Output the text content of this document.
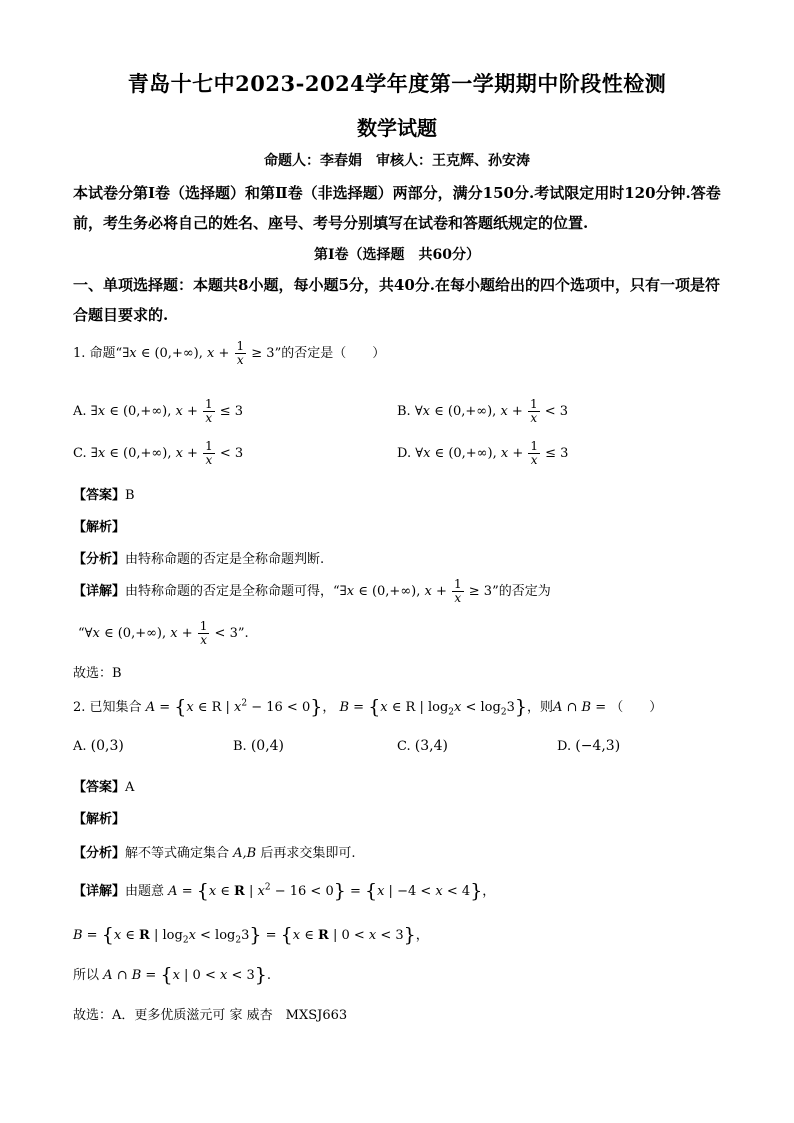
青岛十七中2023-2024学年度第一学期期中阶段性检测
数学试题
命题人：李春娟　审核人：王克辉、孙安涛
本试卷分第Ⅰ卷（选择题）和第Ⅱ卷（非选择题）两部分，满分150分.考试限定用时120分钟.答卷前，考生务必将自己的姓名、座号、考号分别填写在试卷和答题纸规定的位置.
第Ⅰ卷（选择题　共60分）
一、单项选择题：本题共8小题，每小题5分，共40分.在每小题给出的四个选项中，只有一项是符合题目要求的.
1. 命题“∃x ∈ (0,+∞), $x + \frac{1}{x} \ge 3$”的否定是（　　）
A. ∃x ∈ (0,+∞), $x + \frac{1}{x} \le 3$	B. ∀x ∈ (0,+∞), $x + \frac{1}{x} < 3$
C. ∃x ∈ (0,+∞), $x + \frac{1}{x} < 3$	D. ∀x ∈ (0,+∞), $x + \frac{1}{x} \le 3$
【答案】B
【解析】
【分析】由特称命题的否定是全称命题判断.
【详解】由特称命题的否定是全称命题可得，“∃x ∈ (0,+∞), $x + \frac{1}{x} \ge 3$”的否定为
“∀x ∈ (0,+∞), $x + \frac{1}{x} < 3$”.
故选：B
2. 已知集合 A = {x ∈ R | $x^2 - 16 < 0$}， B = {x ∈ R | $\log_2x < \log_23$}，则A ∩ B = （　　）
A. (0,3)	B. (0,4)	C. (3,4)	D. (−4,3)
【答案】A
【解析】
【分析】解不等式确定集合 A,B 后再求交集即可.
【详解】由题意 A = {x ∈ R | $x^2 - 16 < 0\} = \{x$ | −4 < x < 4}，
B = {x ∈ R | $\log_2x < \log_23\} = \{x$ ∈ R | 0 < x < 3}，
所以 A ∩ B = {x | 0 < x < 3}.
故选：A．更多优质滋元可 家 威杏　MXSJ663
